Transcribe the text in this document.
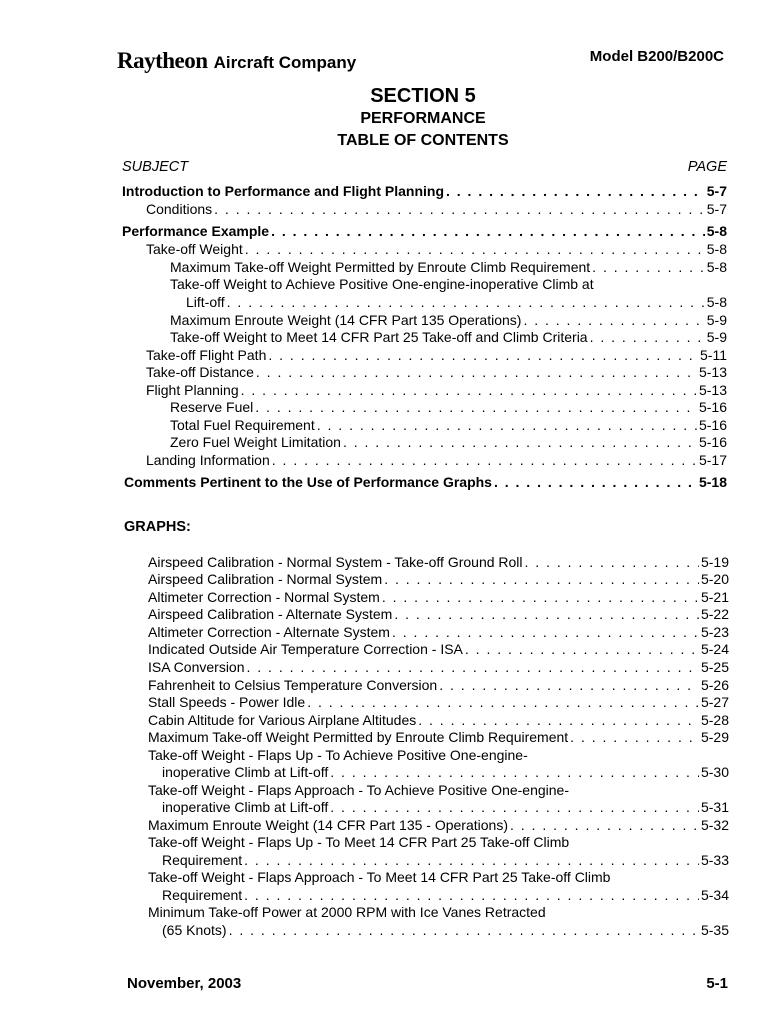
Raytheon Aircraft Company	Model B200/B200C
SECTION 5
PERFORMANCE
TABLE OF CONTENTS
SUBJECT	PAGE
Introduction to Performance and Flight Planning . . .	5-7
Conditions . . .	5-7
Performance Example . . .	5-8
Take-off Weight . . .	5-8
Maximum Take-off Weight Permitted by Enroute Climb Requirement . . .	5-8
Take-off Weight to Achieve Positive One-engine-inoperative Climb at
Lift-off . . .	5-8
Maximum Enroute Weight (14 CFR Part 135 Operations) . . .	5-9
Take-off Weight to Meet 14 CFR Part 25 Take-off and Climb Criteria . . .	5-9
Take-off Flight Path . . .	5-11
Take-off Distance . . .	5-13
Flight Planning . . .	5-13
Reserve Fuel . . .	5-16
Total Fuel Requirement . . .	5-16
Zero Fuel Weight Limitation . . .	5-16
Landing Information . . .	5-17
Comments Pertinent to the Use of Performance Graphs . . .	5-18
GRAPHS:
Airspeed Calibration - Normal System - Take-off Ground Roll . . .	5-19
Airspeed Calibration - Normal System . . .	5-20
Altimeter Correction - Normal System . . .	5-21
Airspeed Calibration - Alternate System . . .	5-22
Altimeter Correction - Alternate System . . .	5-23
Indicated Outside Air Temperature Correction - ISA . . .	5-24
ISA Conversion . . .	5-25
Fahrenheit to Celsius Temperature Conversion . . .	5-26
Stall Speeds - Power Idle . . .	5-27
Cabin Altitude for Various Airplane Altitudes . . .	5-28
Maximum Take-off Weight Permitted by Enroute Climb Requirement . . .	5-29
Take-off Weight - Flaps Up - To Achieve Positive One-engine-
inoperative Climb at Lift-off . . .	5-30
Take-off Weight - Flaps Approach - To Achieve Positive One-engine-
inoperative Climb at Lift-off . . .	5-31
Maximum Enroute Weight (14 CFR Part 135 - Operations) . . .	5-32
Take-off Weight - Flaps Up - To Meet 14 CFR Part 25 Take-off Climb
Requirement . . .	5-33
Take-off Weight - Flaps Approach - To Meet 14 CFR Part 25 Take-off Climb
Requirement . . .	5-34
Minimum Take-off Power at 2000 RPM with Ice Vanes Retracted
(65 Knots) . . .	5-35
November, 2003	5-1
